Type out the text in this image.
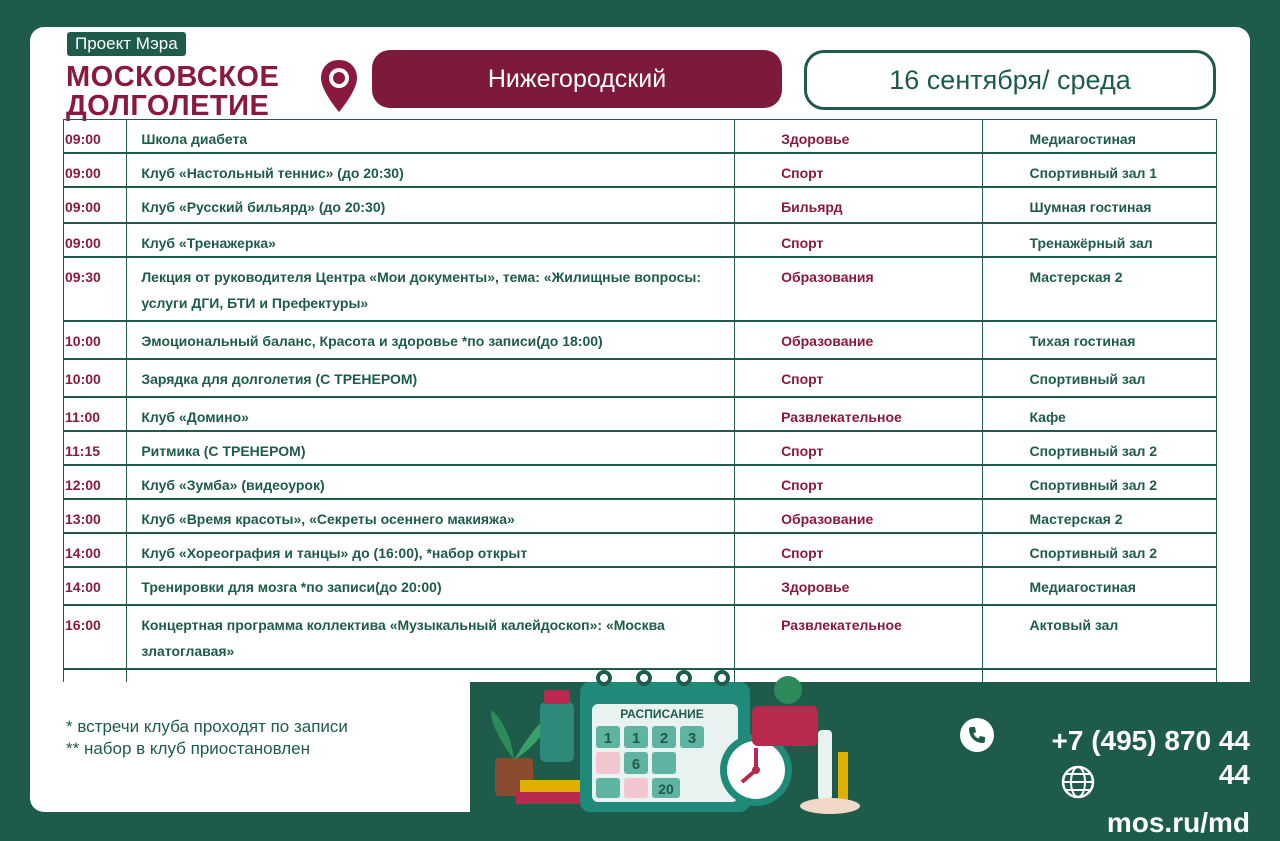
Проект Мэра
МОСКОВСКОЕ
ДОЛГОЛЕТИЕ
Нижегородский	16 сентября/ среда
09:00	Школа диабета	Здоровье	Медиагостиная
09:00	Клуб «Настольный теннис» (до 20:30)	Спорт	Спортивный зал 1
09:00	Клуб «Русский бильярд» (до 20:30)	Бильярд	Шумная гостиная
09:00	Клуб «Тренажерка»	Спорт	Тренажёрный зал
09:30	Лекция от руководителя Центра «Мои документы», тема: «Жилищные вопросы: услуги ДГИ, БТИ и Префектуры»	Образования	Мастерская 2
10:00	Эмоциональный баланс, Красота и здоровье *по записи(до 18:00)	Образование	Тихая гостиная
10:00	Зарядка для долголетия (С ТРЕНЕРОМ)	Спорт	Спортивный зал
11:00	Клуб «Домино»	Развлекательное	Кафе
11:15	Ритмика (С ТРЕНЕРОМ)	Спорт	Спортивный зал 2
12:00	Клуб «Зумба» (видеоурок)	Спорт	Спортивный зал 2
13:00	Клуб «Время красоты», «Секреты осеннего макияжа»	Образование	Мастерская 2
14:00	Клуб «Хореография и танцы» до (16:00), *набор открыт	Спорт	Спортивный зал 2
14:00	Тренировки для мозга *по записи(до 20:00)	Здоровье	Медиагостиная
16:00	Концертная программа коллектива «Музыкальный калейдоскоп»: «Москва златоглавая»	Развлекательное	Актовый зал

* встречи клуба проходят по записи
** набор в клуб приостановлен
РАСПИСАНИЕ
1 1 2 3
6
20
+7 (495) 870 44 44
mos.ru/md
